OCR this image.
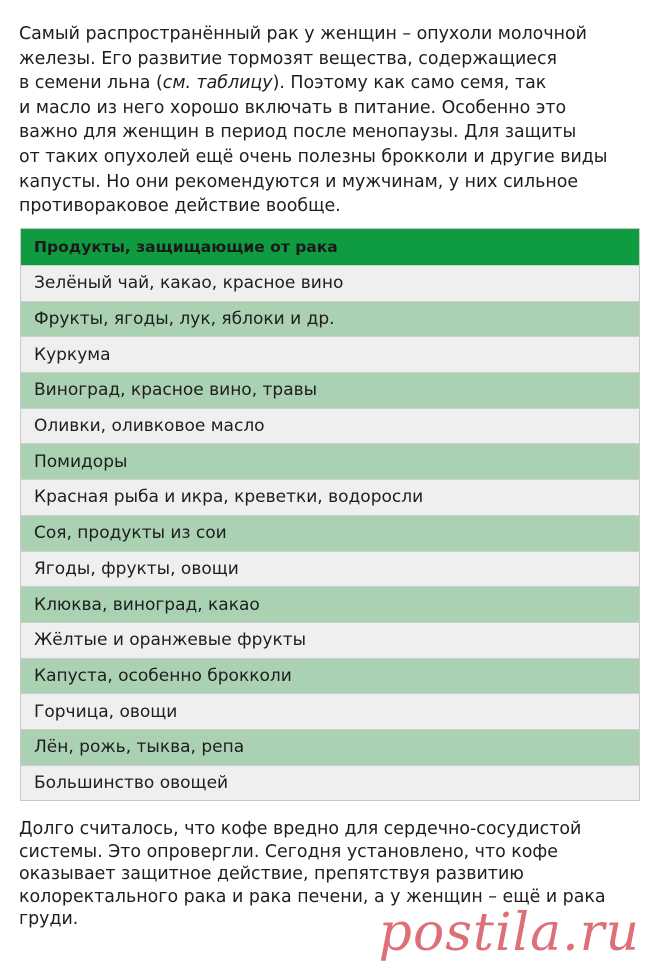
Самый распространённый рак у женщин – опухоли молочной
железы. Его развитие тормозят вещества, содержащиеся
в семени льна (см. таблицу). Поэтому как само семя, так
и масло из него хорошо включать в питание. Особенно это
важно для женщин в период после менопаузы. Для защиты
от таких опухолей ещё очень полезны брокколи и другие виды
капусты. Но они рекомендуются и мужчинам, у них сильное
противораковое действие вообще.

Продукты, защищающие от рака
Зелёный чай, какао, красное вино
Фрукты, ягоды, лук, яблоки и др.
Куркума
Виноград, красное вино, травы
Оливки, оливковое масло
Помидоры
Красная рыба и икра, креветки, водоросли
Соя, продукты из сои
Ягоды, фрукты, овощи
Клюква, виноград, какао
Жёлтые и оранжевые фрукты
Капуста, особенно брокколи
Горчица, овощи
Лён, рожь, тыква, репа
Большинство овощей

Долго считалось, что кофе вредно для сердечно-сосудистой
системы. Это опровергли. Сегодня установлено, что кофе
оказывает защитное действие, препятствуя развитию
колоректального рака и рака печени, а у женщин – ещё и рака
груди.	postila.ru
